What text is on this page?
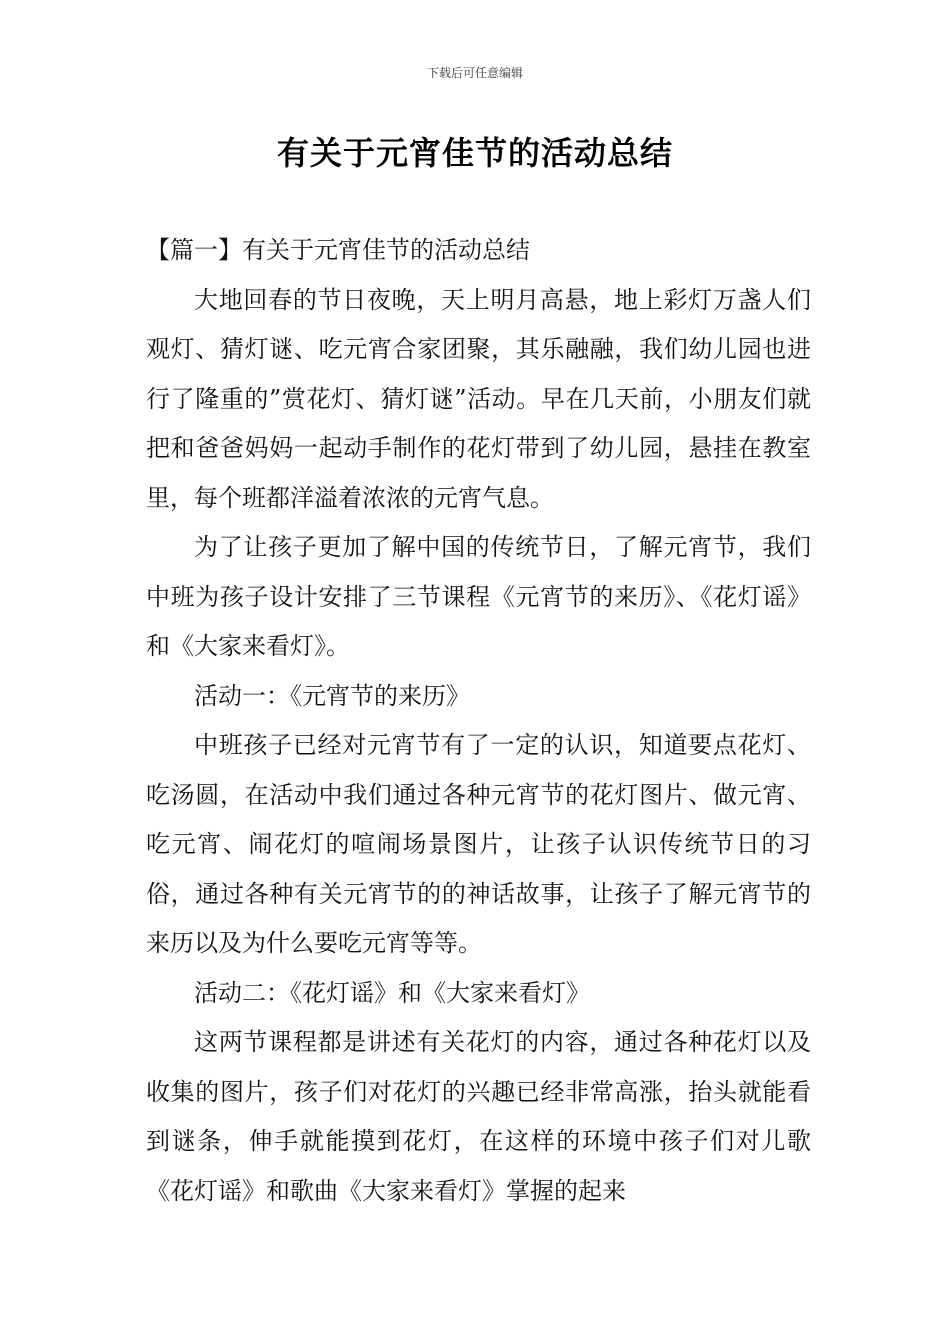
下载后可任意编辑
有关于元宵佳节的活动总结

【篇一】有关于元宵佳节的活动总结

大地回春的节日夜晚，天上明月高悬，地上彩灯万盏人们观灯、猜灯谜、吃元宵合家团聚，其乐融融，我们幼儿园也进行了隆重的”赏花灯、猜灯谜”活动。早在几天前，小朋友们就把和爸爸妈妈一起动手制作的花灯带到了幼儿园，悬挂在教室里，每个班都洋溢着浓浓的元宵气息。

为了让孩子更加了解中国的传统节日，了解元宵节，我们中班为孩子设计安排了三节课程《元宵节的来历》、《花灯谣》和《大家来看灯》。

活动一：《元宵节的来历》

中班孩子已经对元宵节有了一定的认识，知道要点花灯、吃汤圆，在活动中我们通过各种元宵节的花灯图片、做元宵、吃元宵、闹花灯的喧闹场景图片，让孩子认识传统节日的习俗，通过各种有关元宵节的的神话故事，让孩子了解元宵节的来历以及为什么要吃元宵等等。

活动二：《花灯谣》和《大家来看灯》

这两节课程都是讲述有关花灯的内容，通过各种花灯以及收集的图片，孩子们对花灯的兴趣已经非常高涨，抬头就能看到谜条，伸手就能摸到花灯，在这样的环境中孩子们对儿歌《花灯谣》和歌曲《大家来看灯》掌握的起来
